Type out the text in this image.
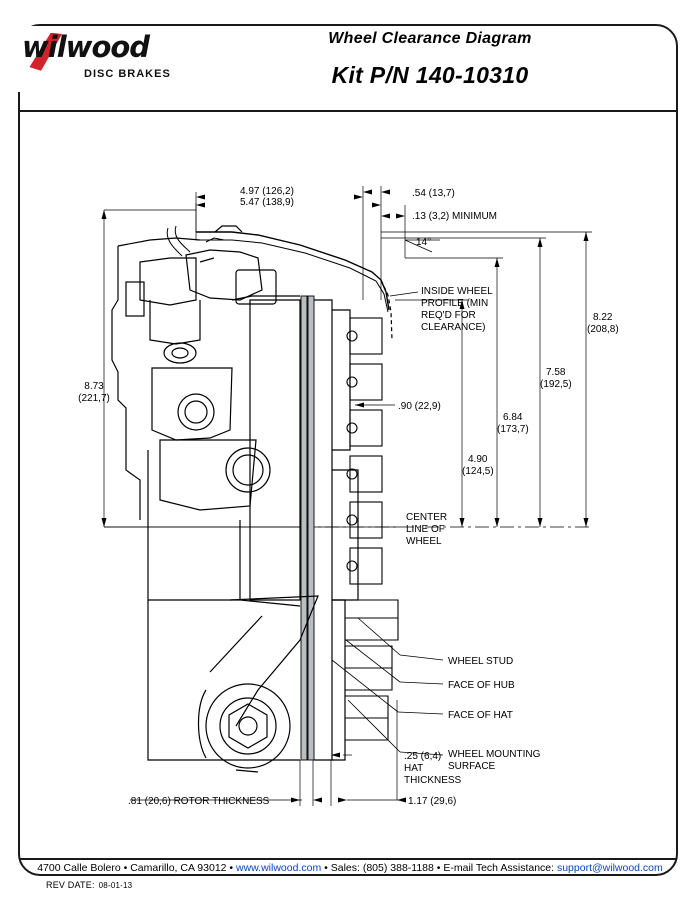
Wheel Clearance Diagram
Kit P/N 140-10310
wilwood
DISC BRAKES
4.97 (126,2)
5.47 (138,9)
.54 (13,7)
.13 (3,2) MINIMUM
14°
8.73
(221,7)
8.22
(208,8)
7.58
(192,5)
6.84
(173,7)
4.90
(124,5)
.90 (22,9)
.25 (6,4)
HAT
THICKNESS
.81 (20,6) ROTOR THICKNESS	1.17 (29,6)
INSIDE WHEEL
PROFILE (MIN
REQ'D FOR
CLEARANCE)
CENTER
LINE OF
WHEEL
WHEEL STUD
FACE OF HUB
FACE OF HAT
WHEEL MOUNTING
SURFACE
4700 Calle Bolero • Camarillo, CA 93012 • www.wilwood.com • Sales: (805) 388-1188 • E-mail Tech Assistance: support@wilwood.com
REV DATE: 08-01-13
